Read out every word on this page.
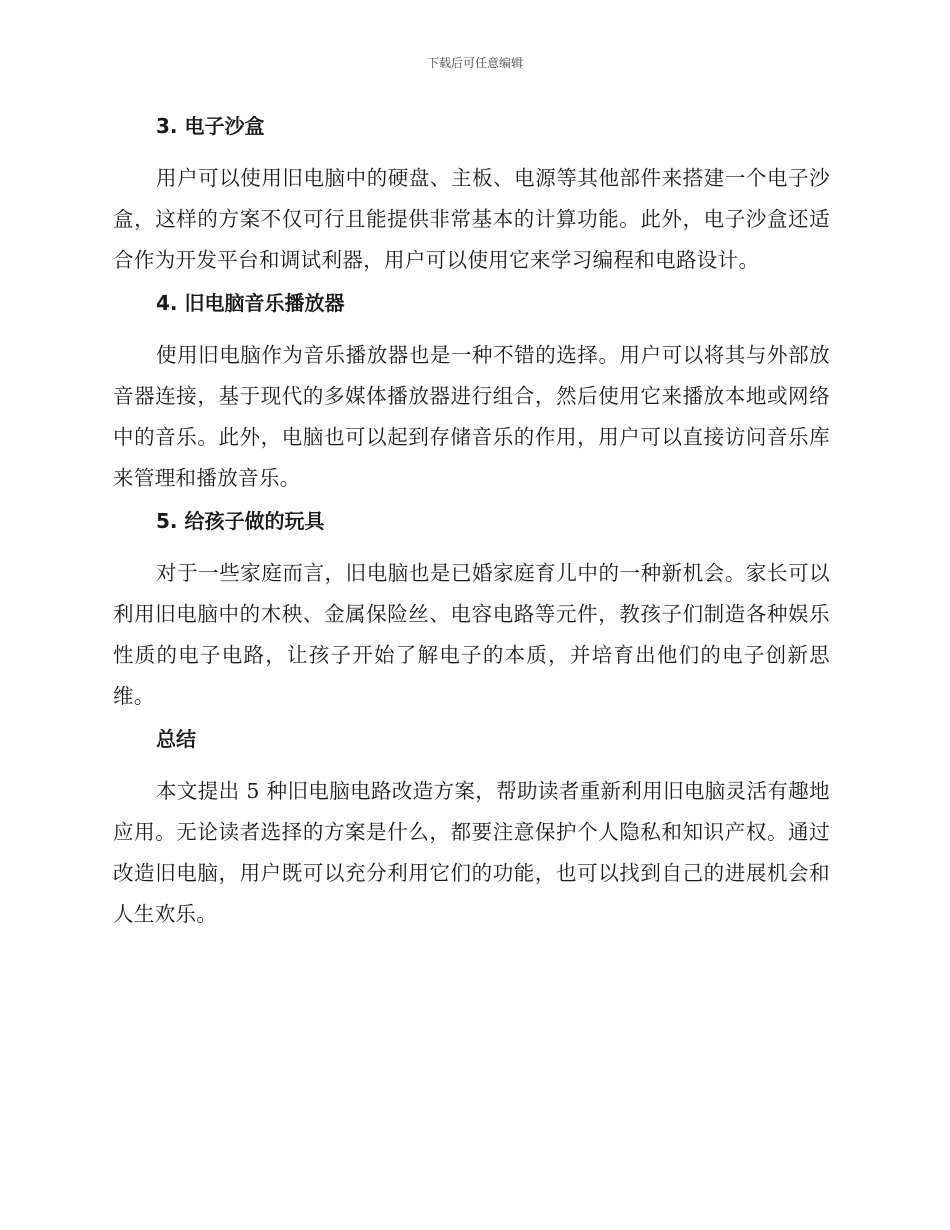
下载后可任意编辑
3. 电子沙盒

用户可以使用旧电脑中的硬盘、主板、电源等其他部件来搭建一个电子沙盒，这样的方案不仅可行且能提供非常基本的计算功能。此外，电子沙盒还适合作为开发平台和调试利器，用户可以使用它来学习编程和电路设计。

4. 旧电脑音乐播放器

使用旧电脑作为音乐播放器也是一种不错的选择。用户可以将其与外部放音器连接，基于现代的多媒体播放器进行组合，然后使用它来播放本地或网络中的音乐。此外，电脑也可以起到存储音乐的作用，用户可以直接访问音乐库来管理和播放音乐。

5. 给孩子做的玩具

对于一些家庭而言，旧电脑也是已婚家庭育儿中的一种新机会。家长可以利用旧电脑中的木秧、金属保险丝、电容电路等元件，教孩子们制造各种娱乐性质的电子电路，让孩子开始了解电子的本质，并培育出他们的电子创新思维。

总结

本文提出 5 种旧电脑电路改造方案，帮助读者重新利用旧电脑灵活有趣地应用。无论读者选择的方案是什么，都要注意保护个人隐私和知识产权。通过改造旧电脑，用户既可以充分利用它们的功能，也可以找到自己的进展机会和人生欢乐。
